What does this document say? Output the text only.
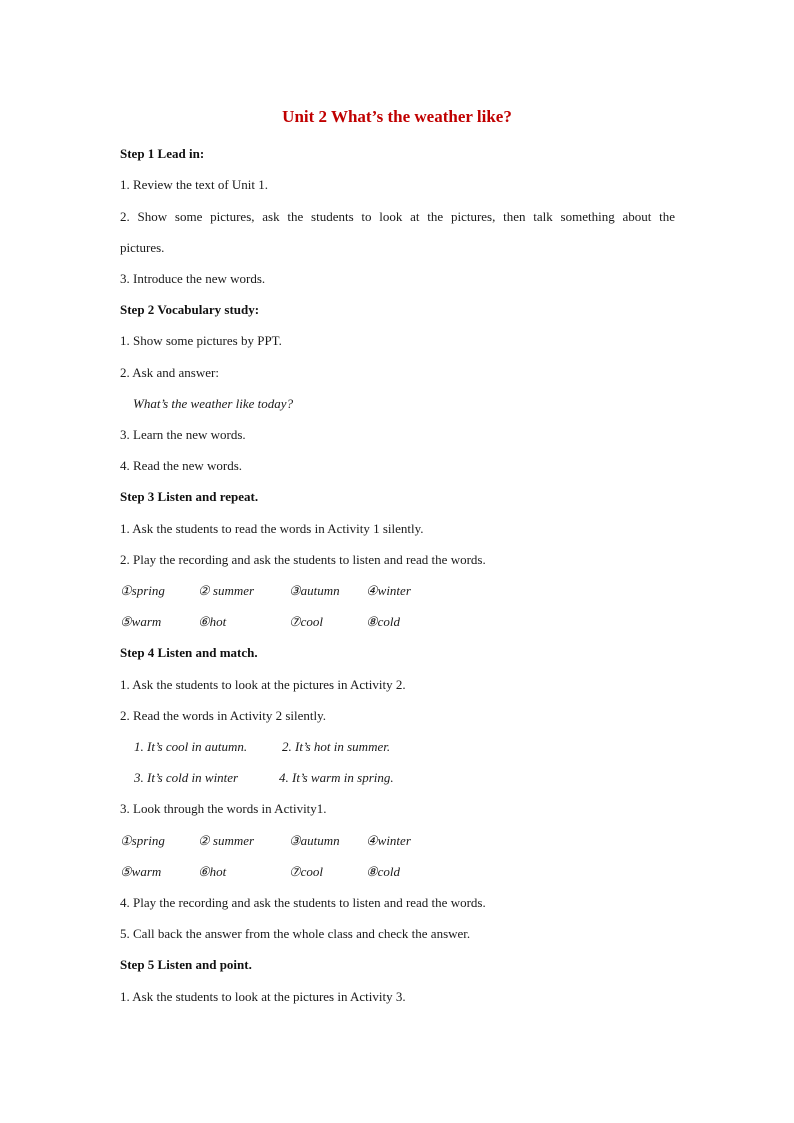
Unit 2 What’s the weather like?
Step 1 Lead in:
1. Review the text of Unit 1.
2. Show some pictures, ask the students to look at the pictures, then talk something about the
pictures.
3. Introduce the new words.
Step 2 Vocabulary study:
1. Show some pictures by PPT.
2. Ask and answer:
What’s the weather like today?
3. Learn the new words.
4. Read the new words.
Step 3 Listen and repeat.
1. Ask the students to read the words in Activity 1 silently.
2. Play the recording and ask the students to listen and read the words.
①spring	② summer	③autumn ④winter
⑤warm	⑥hot	⑦cool	⑧cold
Step 4 Listen and match.
1. Ask the students to look at the pictures in Activity 2.
2. Read the words in Activity 2 silently.
1. It’s cool in autumn.	2. It’s hot in summer.
3. It’s cold in winter	4. It’s warm in spring.
3. Look through the words in Activity1.
①spring	② summer	③autumn ④winter
⑤warm	⑥hot	⑦cool	⑧cold
4. Play the recording and ask the students to listen and read the words.
5. Call back the answer from the whole class and check the answer.
Step 5 Listen and point.
1. Ask the students to look at the pictures in Activity 3.
